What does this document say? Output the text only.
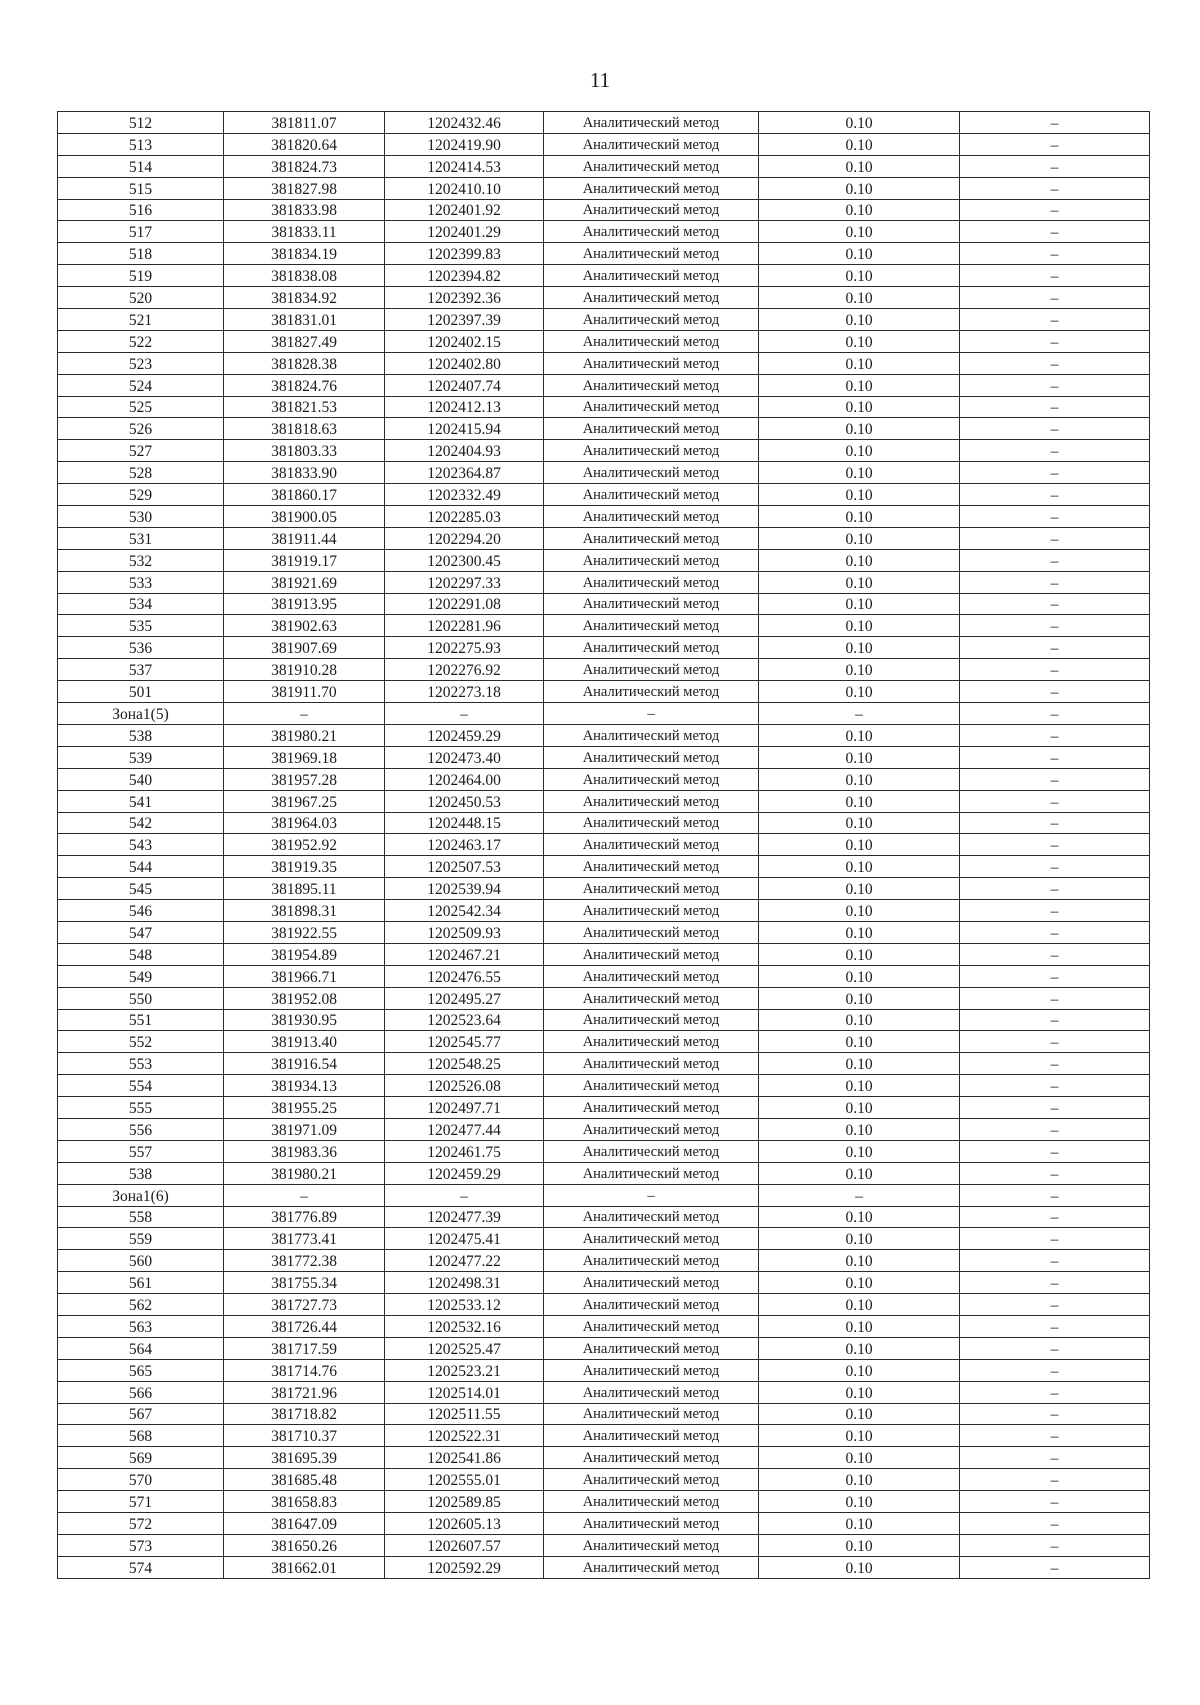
11
512	381811.07	1202432.46	Аналитический метод	0.10	–
513	381820.64	1202419.90	Аналитический метод	0.10	–
514	381824.73	1202414.53	Аналитический метод	0.10	–
515	381827.98	1202410.10	Аналитический метод	0.10	–
516	381833.98	1202401.92	Аналитический метод	0.10	–
517	381833.11	1202401.29	Аналитический метод	0.10	–
518	381834.19	1202399.83	Аналитический метод	0.10	–
519	381838.08	1202394.82	Аналитический метод	0.10	–
520	381834.92	1202392.36	Аналитический метод	0.10	–
521	381831.01	1202397.39	Аналитический метод	0.10	–
522	381827.49	1202402.15	Аналитический метод	0.10	–
523	381828.38	1202402.80	Аналитический метод	0.10	–
524	381824.76	1202407.74	Аналитический метод	0.10	–
525	381821.53	1202412.13	Аналитический метод	0.10	–
526	381818.63	1202415.94	Аналитический метод	0.10	–
527	381803.33	1202404.93	Аналитический метод	0.10	–
528	381833.90	1202364.87	Аналитический метод	0.10	–
529	381860.17	1202332.49	Аналитический метод	0.10	–
530	381900.05	1202285.03	Аналитический метод	0.10	–
531	381911.44	1202294.20	Аналитический метод	0.10	–
532	381919.17	1202300.45	Аналитический метод	0.10	–
533	381921.69	1202297.33	Аналитический метод	0.10	–
534	381913.95	1202291.08	Аналитический метод	0.10	–
535	381902.63	1202281.96	Аналитический метод	0.10	–
536	381907.69	1202275.93	Аналитический метод	0.10	–
537	381910.28	1202276.92	Аналитический метод	0.10	–
501	381911.70	1202273.18	Аналитический метод	0.10	–
Зона1(5)	–	–	–	–	–
538	381980.21	1202459.29	Аналитический метод	0.10	–
539	381969.18	1202473.40	Аналитический метод	0.10	–
540	381957.28	1202464.00	Аналитический метод	0.10	–
541	381967.25	1202450.53	Аналитический метод	0.10	–
542	381964.03	1202448.15	Аналитический метод	0.10	–
543	381952.92	1202463.17	Аналитический метод	0.10	–
544	381919.35	1202507.53	Аналитический метод	0.10	–
545	381895.11	1202539.94	Аналитический метод	0.10	–
546	381898.31	1202542.34	Аналитический метод	0.10	–
547	381922.55	1202509.93	Аналитический метод	0.10	–
548	381954.89	1202467.21	Аналитический метод	0.10	–
549	381966.71	1202476.55	Аналитический метод	0.10	–
550	381952.08	1202495.27	Аналитический метод	0.10	–
551	381930.95	1202523.64	Аналитический метод	0.10	–
552	381913.40	1202545.77	Аналитический метод	0.10	–
553	381916.54	1202548.25	Аналитический метод	0.10	–
554	381934.13	1202526.08	Аналитический метод	0.10	–
555	381955.25	1202497.71	Аналитический метод	0.10	–
556	381971.09	1202477.44	Аналитический метод	0.10	–
557	381983.36	1202461.75	Аналитический метод	0.10	–
538	381980.21	1202459.29	Аналитический метод	0.10	–
Зона1(6)	–	–	–	–	–
558	381776.89	1202477.39	Аналитический метод	0.10	–
559	381773.41	1202475.41	Аналитический метод	0.10	–
560	381772.38	1202477.22	Аналитический метод	0.10	–
561	381755.34	1202498.31	Аналитический метод	0.10	–
562	381727.73	1202533.12	Аналитический метод	0.10	–
563	381726.44	1202532.16	Аналитический метод	0.10	–
564	381717.59	1202525.47	Аналитический метод	0.10	–
565	381714.76	1202523.21	Аналитический метод	0.10	–
566	381721.96	1202514.01	Аналитический метод	0.10	–
567	381718.82	1202511.55	Аналитический метод	0.10	–
568	381710.37	1202522.31	Аналитический метод	0.10	–
569	381695.39	1202541.86	Аналитический метод	0.10	–
570	381685.48	1202555.01	Аналитический метод	0.10	–
571	381658.83	1202589.85	Аналитический метод	0.10	–
572	381647.09	1202605.13	Аналитический метод	0.10	–
573	381650.26	1202607.57	Аналитический метод	0.10	–
574	381662.01	1202592.29	Аналитический метод	0.10	–
